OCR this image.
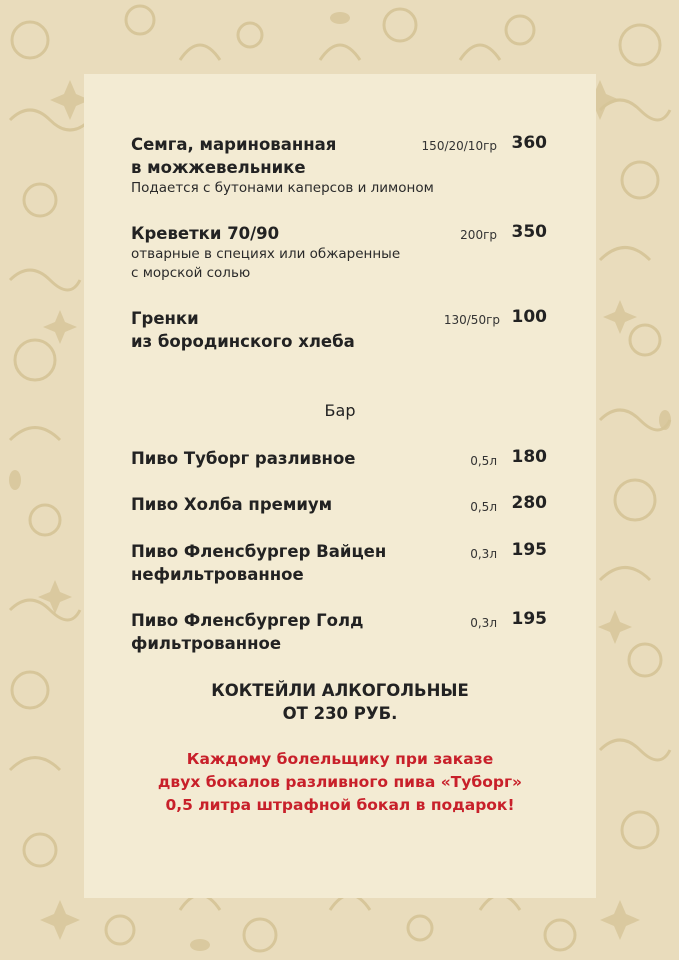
Семга, маринованная
в можжевельнике
Подается с бутонами каперсов и лимоном
150/20/10гр 360
Креветки 70/90
отварные в специях или обжаренные
с морской солью
200гр 350
Гренки
из бородинского хлеба
130/50гр 100
Бар
Пиво Туборг разливное	0,5л 180
Пиво Холба премиум	0,5л 280
Пиво Фленсбургер Вайцен
нефильтрованное
0,3л 195
Пиво Фленсбургер Голд
фильтрованное
0,3л 195
КОКТЕЙЛИ АЛКОГОЛЬНЫЕ
ОТ 230 РУБ.
Каждому болельщику при заказе
двух бокалов разливного пива «Туборг»
0,5 литра штрафной бокал в подарок!
